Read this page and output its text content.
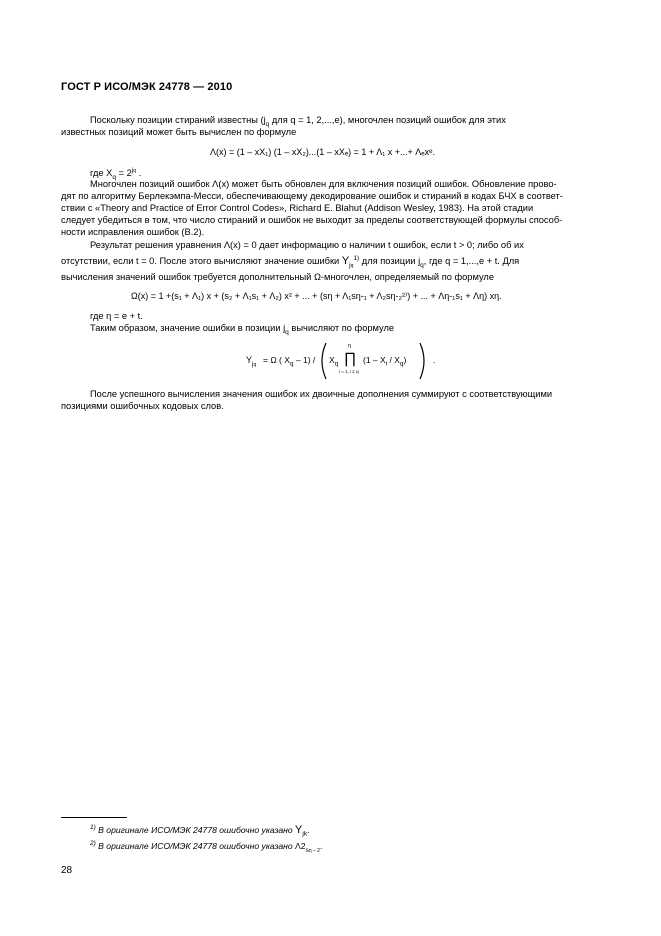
ГОСТ Р ИСО/МЭК 24778 — 2010
Поскольку позиции стираний известны ($j_q$ для q = 1, 2,...,e), многочлен позиций ошибок для этих
известных позиций может быть вычислен по формуле
Λ(x) = (1 – xX₁) (1 – xX₂)...(1 – xXₑ) = 1 + Λ₁ x +...+ Λₑxᵉ.
где $X_q = 2^{jq}$ .
Многочлен позиций ошибок Λ(x) может быть обновлен для включения позиций ошибок. Обновление прово-
дят по алгоритму Берлекэмпа-Месси, обеспечивающему декодирование ошибок и стираний в кодах БЧХ в соответ-
ствии с «Theory and Practice of Error Control Codes», Richard E. Blahut (Addison Wesley, 1983). На этой стадии
следует убедиться в том, что число стираний и ошибок не выходит за пределы соответствующей формулы способ-
ности исправления ошибок (B.2).
Результат решения уравнения Λ(x) = 0 дает информацию о наличии t ошибок, если t > 0; либо об их
отсутствии, если t = 0. После этого вычисляют значение ошибки $Y_{jq}^{1)}$ для позиции $j_q$, где q = 1,...,e + t. Для
вычисления значений ошибок требуется дополнительный Ω-многочлен, определяемый по формуле
Ω(x) = 1 +(s₁ + Λ₁) x + (s₂ + Λ₁s₁ + Λ₂) x² + ... + (sη + Λ₁sη-₁ + Λ₂sη-₂²⁾) + ... + Λη-₁s₁ + Λη) xη.
где η = e + t.
Таким образом, значение ошибки в позиции $j_q$ вычисляют по формуле
$Y_{jq} = \Omega$ ( $X_q - 1) / X_q$
η
∏
i = 1, i ≠ q
$(1 - X_i / X_q)$	.
После успешного вычисления значения ошибок их двоичные дополнения суммируют с соответствующими
позициями ошибочных кодовых слов.
$^{1)}$ В оригинале ИСО/МЭК 24778 ошибочно указано $Y_{jk}$.
$^{2)}$ В оригинале ИСО/МЭК 24778 ошибочно указано $\Lambda 2_{s\eta - 2}$.
28
